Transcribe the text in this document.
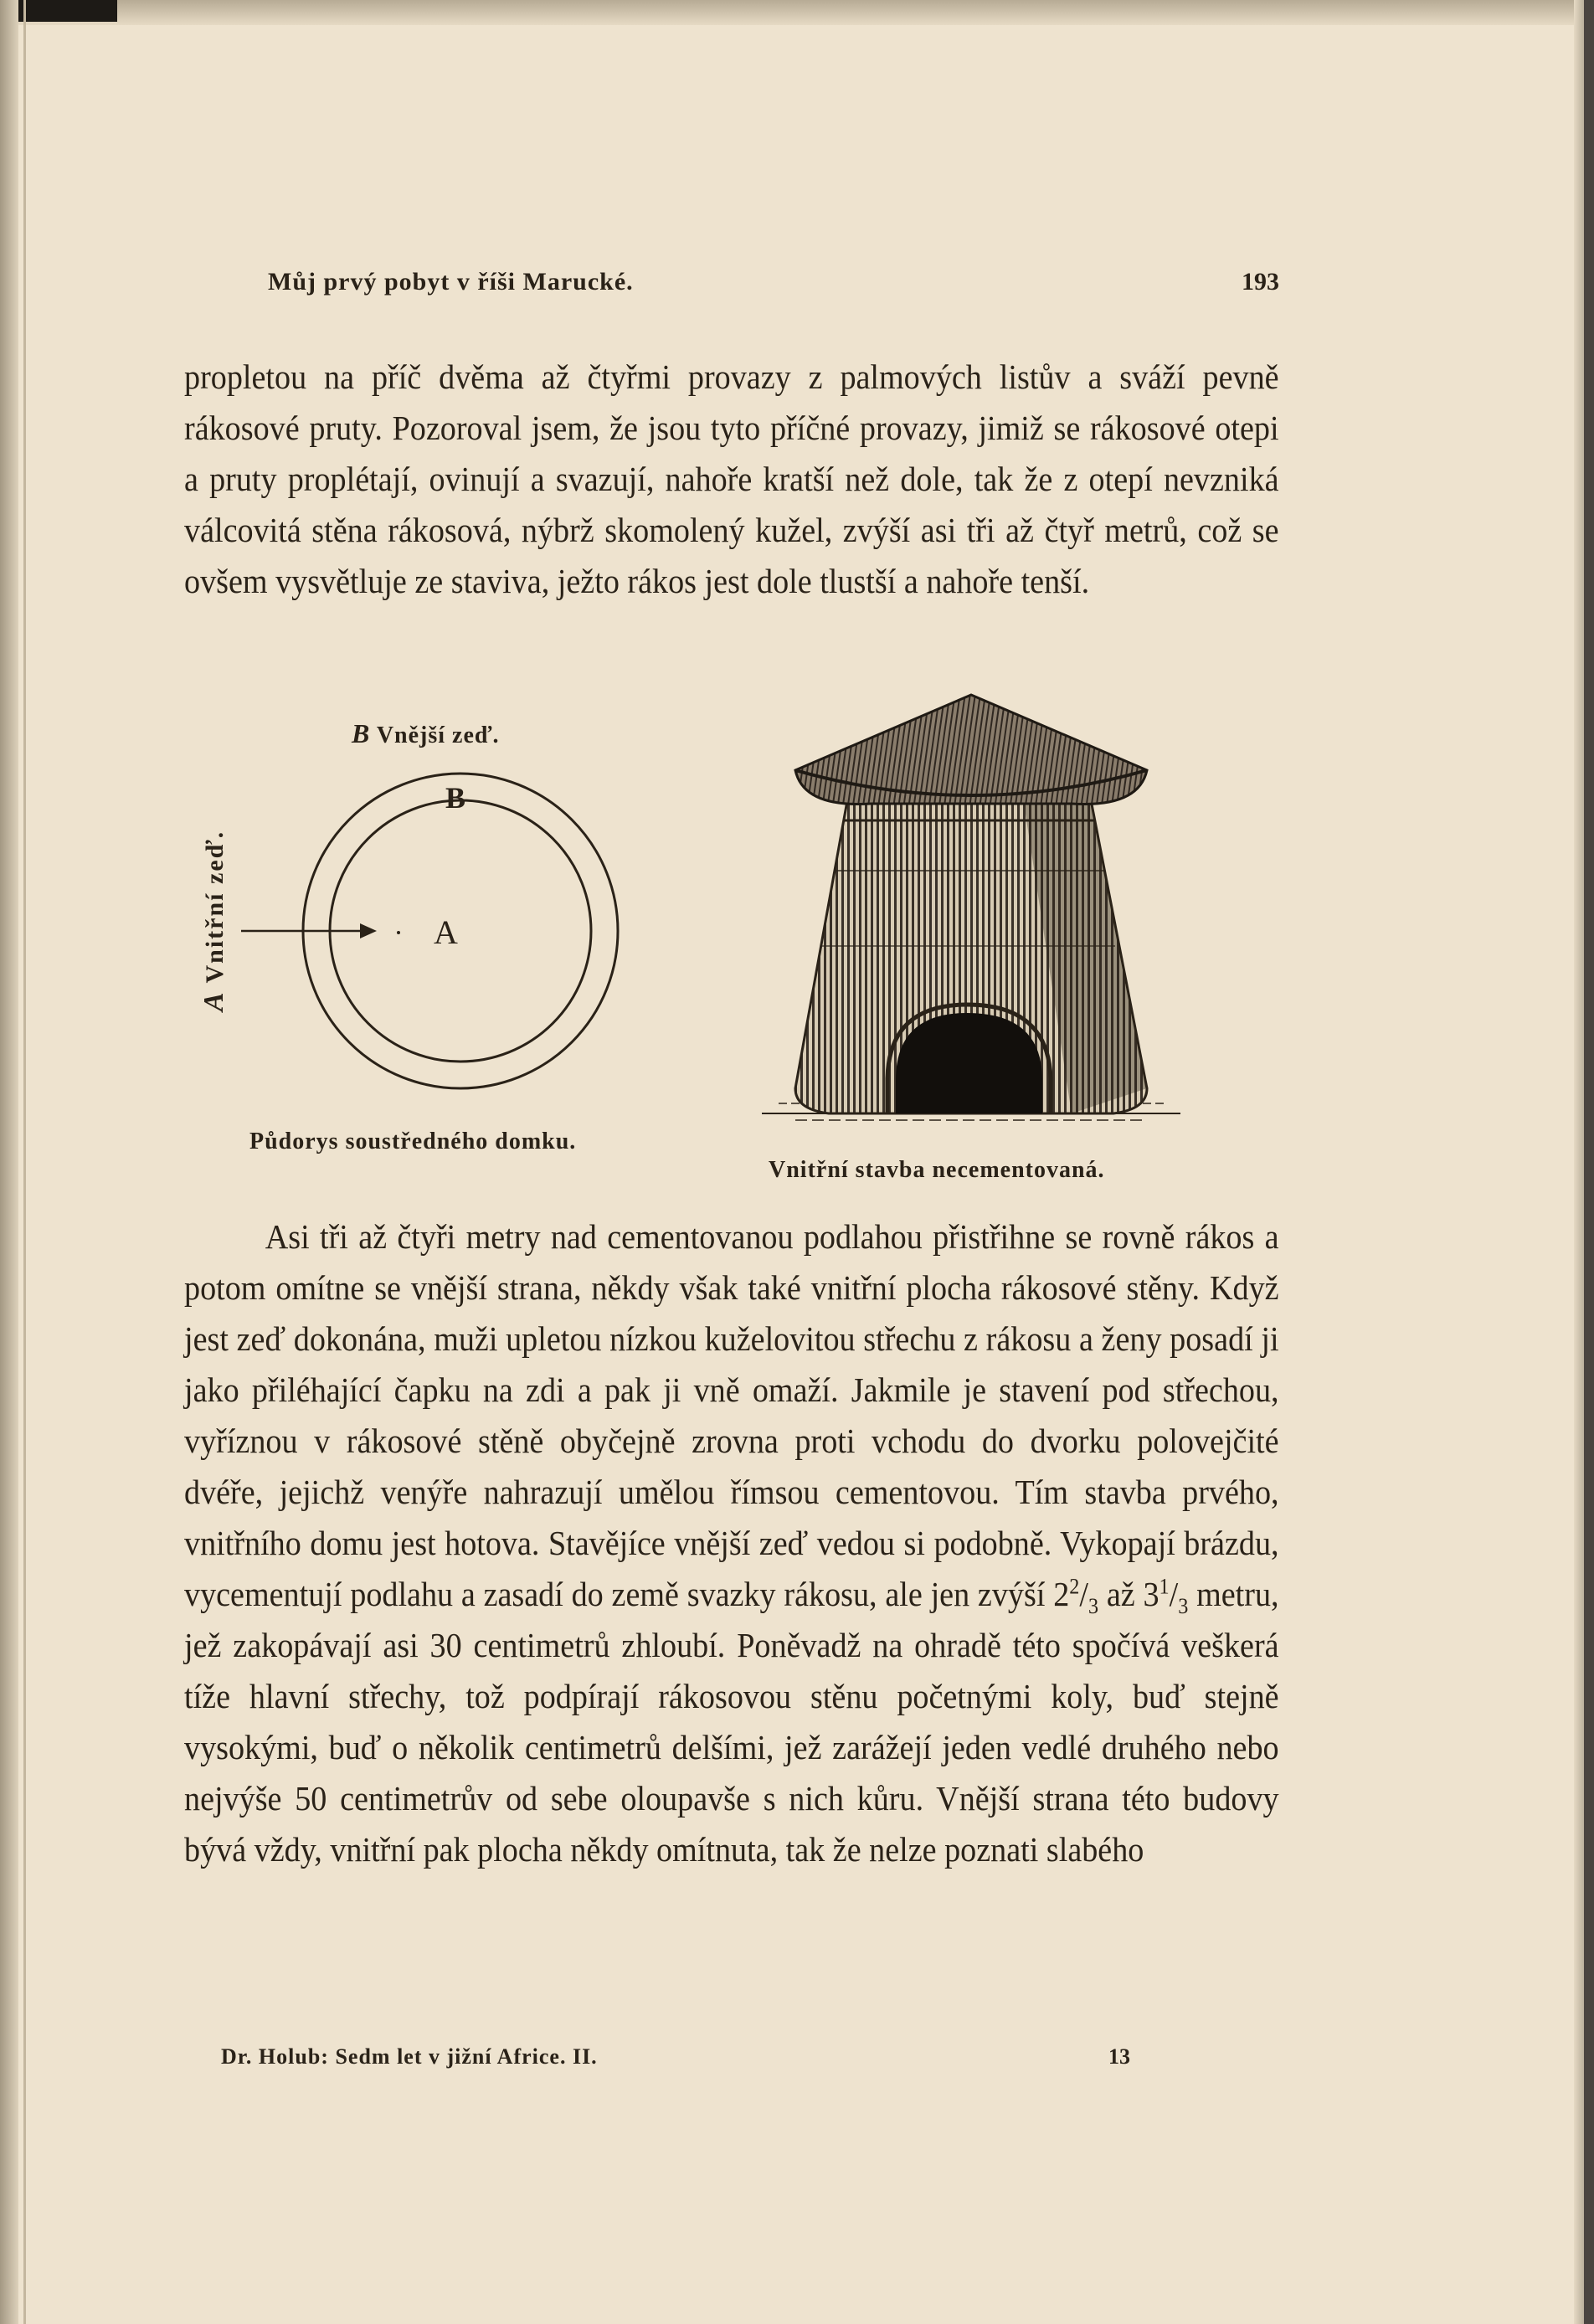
Můj prvý pobyt v říši Marucké.	193

propletou na příč dvěma až čtyřmi provazy z palmových listův a sváží pevně rákosové pruty. Pozoroval jsem, že jsou tyto příčné provazy, jimiž se rákosové otepi a pruty proplétají, ovinují a svazují, nahoře kratší než dole, tak že z otepí nevzniká válcovitá stěna rákosová, nýbrž skomolený kužel, zvýší asi tři až čtyř metrů, což se ovšem vysvětluje ze staviva, ježto rákos jest dole tlustší a nahoře tenší.

B Vnější zeď.
A Vnitřní zeď.
B
A
Půdorys soustředného domku.
Vnitřní stavba necementovaná.

Asi tři až čtyři metry nad cementovanou podlahou přistřihne se rovně rákos a potom omítne se vnější strana, někdy však také vnitřní plocha rákosové stěny. Když jest zeď dokonána, muži upletou nízkou kuželovitou střechu z rákosu a ženy posadí ji jako přiléhající čapku na zdi a pak ji vně omaží. Jakmile je stavení pod střechou, vyříznou v rákosové stěně obyčejně zrovna proti vchodu do dvorku polovejčité dvéře, jejichž venýře nahrazují umělou římsou cementovou. Tím stavba prvého, vnitřního domu jest hotova. Stavějíce vnější zeď vedou si podobně. Vykopají brázdu, vycementují podlahu a zasadí do země svazky rákosu, ale jen zvýší $2^2/_3$ až $3^1/_3$ metru, jež zakopávají asi 30 centimetrů zhloubí. Poněvadž na ohradě této spočívá veškerá tíže hlavní střechy, tož podpírají rákosovou stěnu početnými koly, buď stejně vysokými, buď o několik centimetrů delšími, jež zarážejí jeden vedlé druhého nebo nejvýše 50 centimetrův od sebe oloupavše s nich kůru. Vnější strana této budovy bývá vždy, vnitřní pak plocha někdy omítnuta, tak že nelze poznati slabého

Dr. Holub: Sedm let v jižní Africe. II.	13
